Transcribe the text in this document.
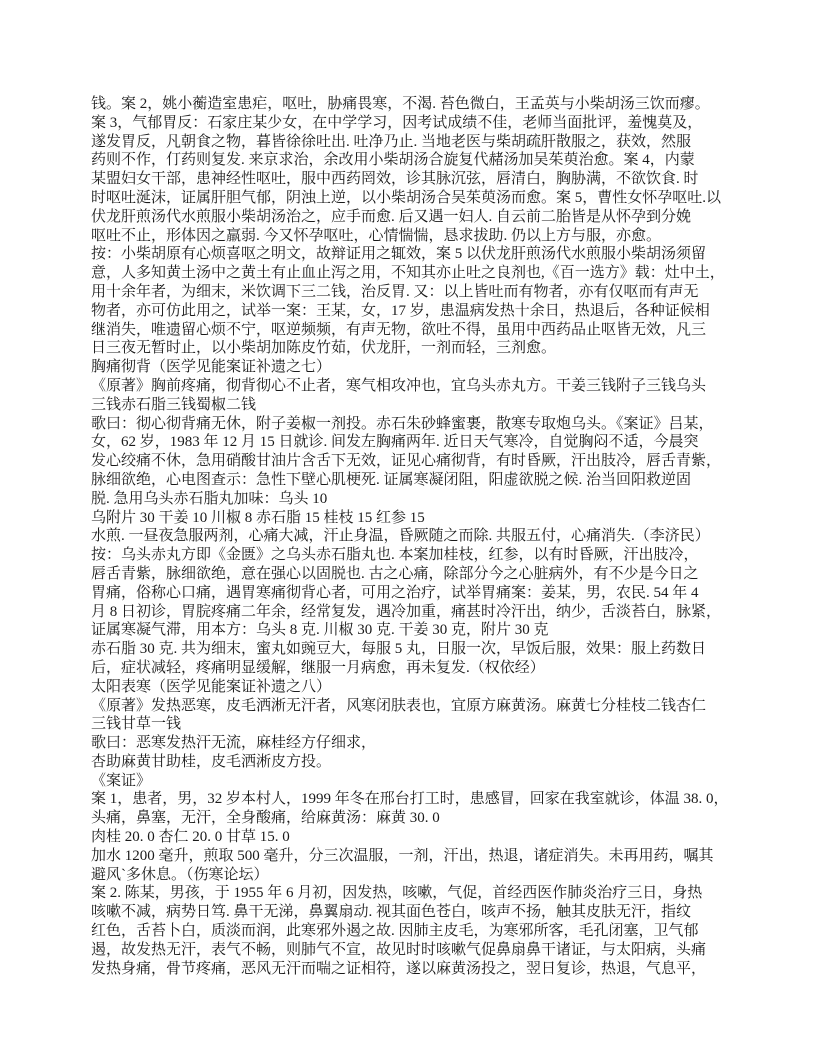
钱。案 2，姚小蘅造室患疟，呕吐，胁痛畏寒，不渴. 苔色微白，王孟英与小柴胡汤三饮而瘳。
案 3，气郁胃反：石家庄某少女，在中学学习，因考试成绩不佳，老师当面批评，羞愧莫及，
遂发胃反，凡朝食之物，暮皆徐徐吐出. 吐净乃止. 当地老医与柴胡疏肝散服之，获效，然服
药则不作，仃药则复发. 来京求治，余改用小柴胡汤合旋复代赭汤加吴茱萸治愈。案 4，内蒙
某盟妇女干部，患神经性呕吐，服中西药罔效，诊其脉沉弦，唇清白，胸胁满，不欲饮食. 时
时呕吐涎沫，证属肝胆气郁，阴浊上逆，以小柴胡汤合吴茱萸汤而愈。案 5，曹性女怀孕呕吐.以
伏龙肝煎汤代水煎服小柴胡汤治之，应手而愈. 后又遇一妇人. 自云前二胎皆是从怀孕到分娩
呕吐不止，形体因之羸弱. 今又怀孕呕吐，心情惴惴，恳求拔助. 仍以上方与服，亦愈。
按：小柴胡原有心烦喜呕之明文，故辩证用之辄效，案 5 以伏龙肝煎汤代水煎服小柴胡汤须留
意，人多知黄土汤中之黄土有止血止泻之用，不知其亦止吐之良剂也,《百一选方》载：灶中土，
用十余年者，为细末，米饮调下三二钱，治反胃. 又：以上皆吐而有物者，亦有仅呕而有声无
物者，亦可仿此用之，试举一案：王某，女，17 岁，患温病发热十余日，热退后，各种证候相
继消失，唯遗留心烦不宁，呕逆频频，有声无物，欲吐不得，虽用中西药品止呕皆无效，凡三
日三夜无暂时止，以小柴胡加陈皮竹茹，伏龙肝，一剂而轻，三剂愈。
胸痛彻背（医学见能案证补遗之七）
《原著》胸前疼痛，彻背彻心不止者，寒气相攻冲也，宜乌头赤丸方。干姜三钱附子三钱乌头
三钱赤石脂三钱蜀椒二钱
歌曰：彻心彻背痛无休，附子姜椒一剂投。赤石朱砂蜂蜜裹，散寒专取炮乌头。《案证》吕某，
女，62 岁，1983 年 12 月 15 日就诊. 间发左胸痛两年. 近日天气寒冷，自觉胸闷不适，今晨突
发心绞痛不休，急用硝酸甘油片含舌下无效，证见心痛彻背，有时昏厥，汗出肢冷，唇舌青紫，
脉细欲绝，心电图查示：急性下壁心肌梗死. 证属寒凝闭阻，阳虚欲脱之候. 治当回阳救逆固
脱. 急用乌头赤石脂丸加味：乌头 10
乌附片 30 干姜 10 川椒 8 赤石脂 15 桂枝 15 红参 15
水煎. 一昼夜急服两剂，心痛大减，汗止身温，昏厥随之而除. 共服五付，心痛消失.（李济民）
按：乌头赤丸方即《金匮》之乌头赤石脂丸也. 本案加桂枝，红参，以有时昏厥，汗出肢冷，
唇舌青紫，脉细欲绝，意在强心以固脱也. 古之心痛，除部分今之心脏病外，有不少是今日之
胃痛，俗称心口痛，遇胃寒痛彻背心者，可用之治疗，试举胃痛案：姜某，男，农民. 54 年 4
月 8 日初诊，胃脘疼痛二年余，经常复发，遇冷加重，痛甚时冷汗出，纳少，舌淡苔白，脉紧，
证属寒凝气滞，用本方：乌头 8 克. 川椒 30 克. 干姜 30 克，附片 30 克
赤石脂 30 克. 共为细末，蜜丸如豌豆大，每服 5 丸，日服一次，早饭后服，效果：服上药数日
后，症状减轻，疼痛明显缓解，继服一月病愈，再未复发.（权依经）
太阳表寒（医学见能案证补遗之八）
《原著》发热恶寒，皮毛洒淅无汗者，风寒闭肤表也，宜原方麻黄汤。麻黄七分桂枝二钱杏仁
三钱甘草一钱
歌曰：恶寒发热汗无流，麻桂经方仔细求，
杏助麻黄甘助桂，皮毛洒淅皮方投。
《案证》
案 1，患者，男，32 岁本村人，1999 年冬在邢台打工时，患感冒，回家在我室就诊，体温 38. 0，
头痛，鼻塞，无汗，全身酸痛，给麻黄汤：麻黄 30. 0
肉桂 20. 0 杏仁 20. 0 甘草 15. 0
加水 1200 毫升，煎取 500 毫升，分三次温服，一剂，汗出，热退，诸症消失。未再用药，嘱其
避风`多休息。（伤寒论坛）
案 2. 陈某，男孩，于 1955 年 6 月初，因发热，咳嗽，气促，首经西医作肺炎治疗三日，身热
咳嗽不减，病势日笃. 鼻干无涕，鼻翼扇动. 视其面色苍白，咳声不扬，触其皮肤无汗，指纹
红色，舌苔卜白，质淡而润，此寒邪外遏之故. 因肺主皮毛，为寒邪所客，毛孔闭塞，卫气郁
遏，故发热无汗，表气不畅，则肺气不宣，故见时时咳嗽气促鼻扇鼻干诸证，与太阳病，头痛
发热身痛，骨节疼痛，恶风无汗而喘之证相符，遂以麻黄汤投之，翌日复诊，热退，气息平，
